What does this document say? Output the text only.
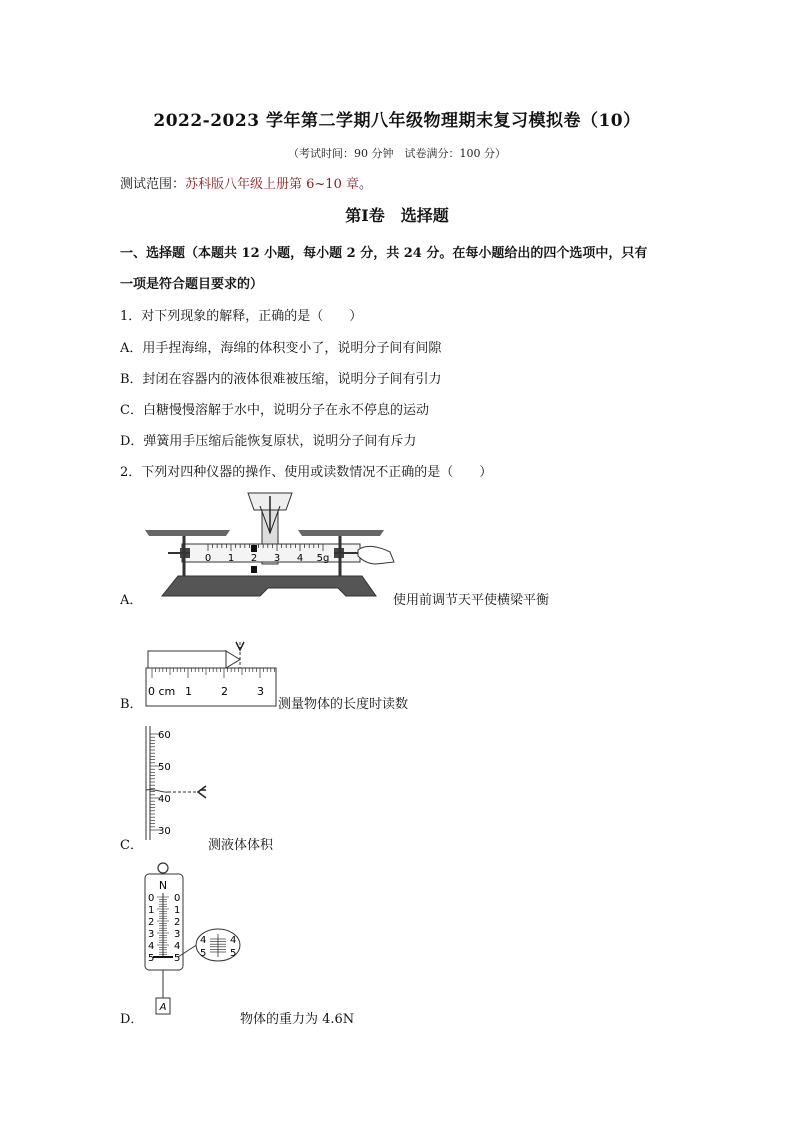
2022-2023 学年第二学期八年级物理期末复习模拟卷（10）
（考试时间：90 分钟　试卷满分：100 分）
测试范围：苏科版八年级上册第 6~10 章。
第Ⅰ卷　选择题
一、选择题（本题共 12 小题，每小题 2 分，共 24 分。在每小题给出的四个选项中，只有
一项是符合题目要求的）
1．对下列现象的解释，正确的是（　　）
A．用手捏海绵，海绵的体积变小了，说明分子间有间隙
B．封闭在容器内的液体很难被压缩，说明分子间有引力
C．白糖慢慢溶解于水中，说明分子在永不停息的运动
D．弹簧用手压缩后能恢复原状，说明分子间有斥力
2．下列对四种仪器的操作、使用或读数情况不正确的是（　　）
A．
0 1 2 3 4 5g
使用前调节天平使横梁平衡
B．
0 cm 1	2	3
测量物体的长度时读数
C．
60
50
40
30
测液体体积
D．
N
0 0
1 1
2 2
3 3
4 4
5 5
4 4
5 5
A
物体的重力为 4.6N
